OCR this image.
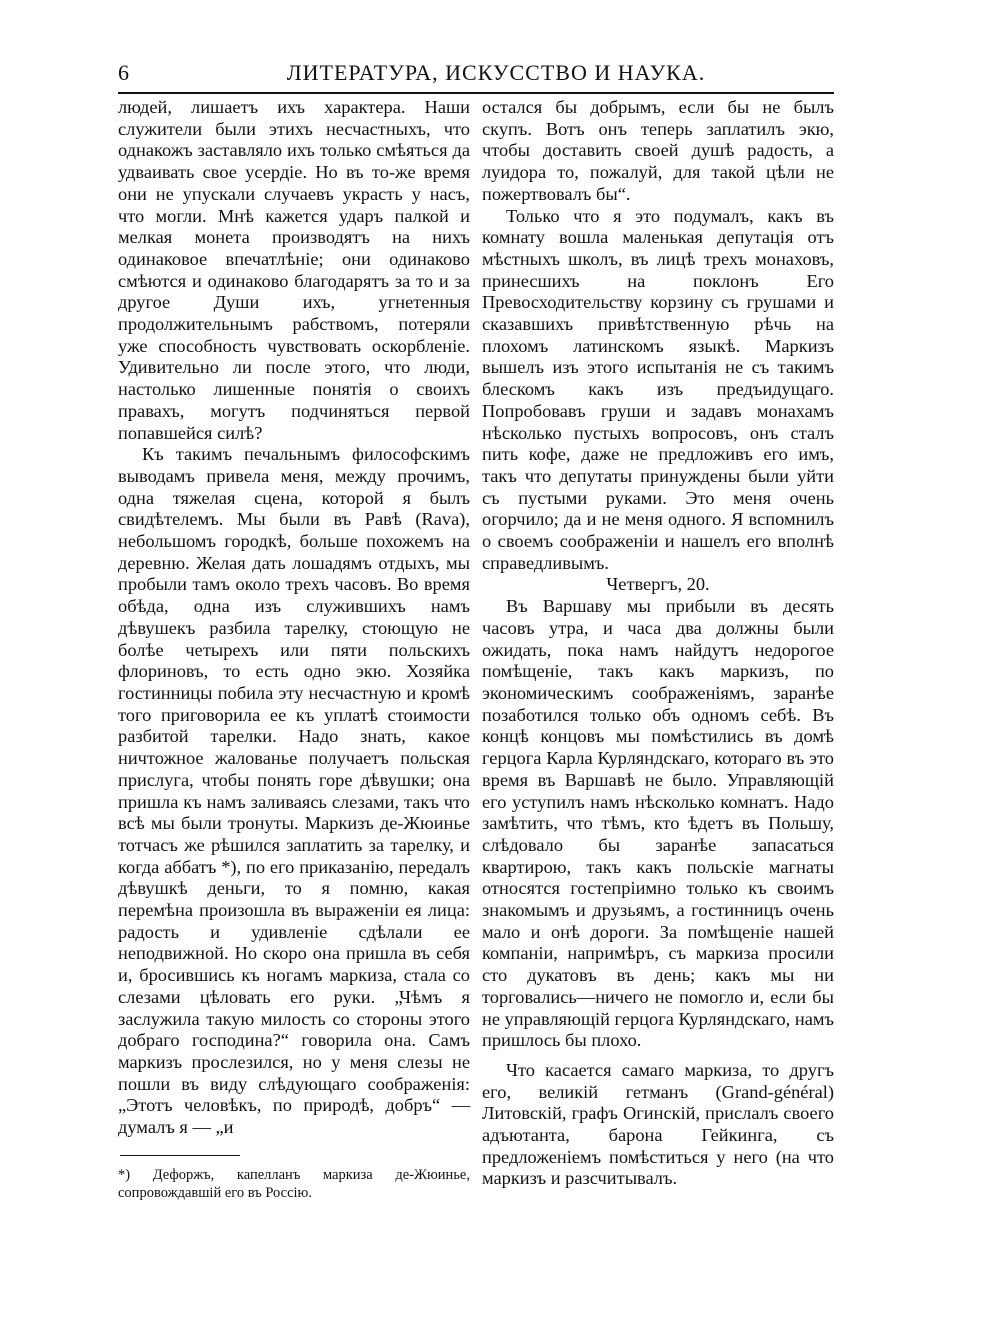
6	ЛИТЕРАТУРА, ИСКУССТВО И НАУКА.

людей, лишаетъ ихъ характера. Наши служители были этихъ несчастныхъ, что однакожъ заставляло ихъ только смѣяться да удваивать свое усердіе. Но въ то-же время они не упускали случаевъ украсть у насъ, что могли. Мнѣ кажется ударъ палкой и мелкая монета производятъ на нихъ одинаковое впечатлѣніе; они одинаково смѣются и одинаково благодарятъ за то и за другое Души ихъ, угнетенныя продолжительнымъ рабствомъ, потеряли уже способность чувствовать оскорбленіе. Удивительно ли после этого, что люди, настолько лишенные понятія о своихъ правахъ, могутъ подчиняться первой попавшейся силѣ?

Къ такимъ печальнымъ философскимъ выводамъ привела меня, между прочимъ, одна тяжелая сцена, которой я былъ свидѣтелемъ. Мы были въ Равѣ (Rava), небольшомъ городкѣ, больше похожемъ на деревню. Желая дать лошадямъ отдыхъ, мы пробыли тамъ около трехъ часовъ. Во время обѣда, одна изъ служившихъ намъ дѣвушекъ разбила тарелку, стоющую не болѣе четырехъ или пяти польскихъ флориновъ, то есть одно экю. Хозяйка гостинницы побила эту несчастную и кромѣ того приговорила ее къ уплатѣ стоимости разбитой тарелки. Надо знать, какое ничтожное жалованье получаетъ польская прислуга, чтобы понять горе дѣвушки; она пришла къ намъ заливаясь слезами, такъ что всѣ мы были тронуты. Маркизъ де-Жюинье тотчасъ же рѣшился заплатить за тарелку, и когда аббатъ *), по его приказанію, передалъ дѣвушкѣ деньги, то я помню, какая перемѣна произошла въ выраженіи ея лица: радость и удивленіе сдѣлали ее неподвижной. Но скоро она пришла въ себя и, бросившись къ ногамъ маркиза, стала со слезами цѣловать его руки. „Чѣмъ я заслужила такую милость со стороны этого добраго господина?“ говорила она. Самъ маркизъ прослезился, но у меня слезы не пошли въ виду слѣдующаго соображенія: „Этотъ человѣкъ, по природѣ, добръ“ — думалъ я — „и

*) Дефоржъ, капелланъ маркиза де-Жюинье, сопровождавшій его въ Россію.

остался бы добрымъ, если бы не былъ скупъ. Вотъ онъ теперь заплатилъ экю, чтобы доставить своей душѣ радость, а луидора то, пожалуй, для такой цѣли не пожертвовалъ бы“.

Только что я это подумалъ, какъ въ комнату вошла маленькая депутація отъ мѣстныхъ школъ, въ лицѣ трехъ монаховъ, принесшихъ на поклонъ Его Превосходительству корзину съ грушами и сказавшихъ привѣтственную рѣчь на плохомъ латинскомъ языкѣ. Маркизъ вышелъ изъ этого испытанія не съ такимъ блескомъ какъ изъ предъидущаго. Попробовавъ груши и задавъ монахамъ нѣсколько пустыхъ вопросовъ, онъ сталъ пить кофе, даже не предложивъ его имъ, такъ что депутаты принуждены были уйти съ пустыми руками. Это меня очень огорчило; да и не меня одного. Я вспомнилъ о своемъ соображеніи и нашелъ его вполнѣ справедливымъ.

Четвергъ, 20.

Въ Варшаву мы прибыли въ десять часовъ утра, и часа два должны были ожидать, пока намъ найдутъ недорогое помѣщеніе, такъ какъ маркизъ, по экономическимъ соображеніямъ, заранѣе позаботился только объ одномъ себѣ. Въ концѣ концовъ мы помѣстились въ домѣ герцога Карла Курляндскаго, котораго въ это время въ Варшавѣ не было. Управляющій его уступилъ намъ нѣсколько комнатъ. Надо замѣтить, что тѣмъ, кто ѣдетъ въ Польшу, слѣдовало бы заранѣе запасаться квартирою, такъ какъ польскіе магнаты относятся гостепріимно только къ своимъ знакомымъ и друзьямъ, а гостинницъ очень мало и онѣ дороги. За помѣщеніе нашей компаніи, напримѣръ, съ маркиза просили сто дукатовъ въ день; какъ мы ни торговались—ничего не помогло и, если бы не управляющій герцога Курляндскаго, намъ пришлось бы плохо.

Что касается самаго маркиза, то другъ его, великій гетманъ (Grand-général) Литовскій, графъ Огинскій, прислалъ своего адъютанта, барона Гейкинга, съ предложеніемъ помѣститься у него (на что маркизъ и разсчитывалъ.
